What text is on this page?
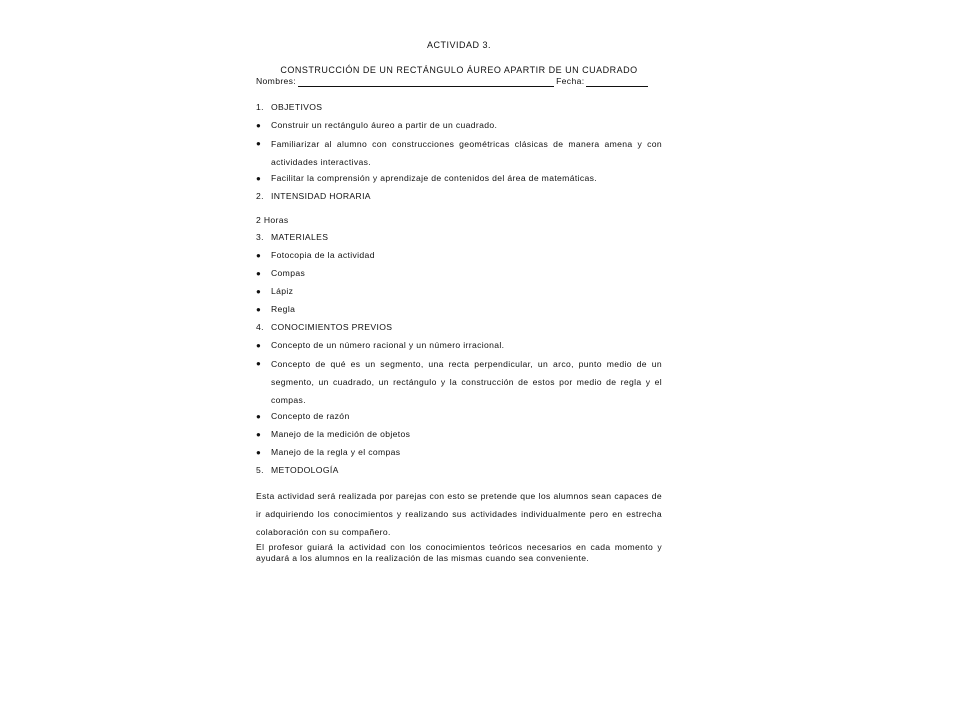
ACTIVIDAD 3.
CONSTRUCCIÓN DE UN RECTÁNGULO ÁUREO APARTIR DE UN CUADRADO
Nombres:	Fecha:
1. OBJETIVOS
●	Construir un rectángulo áureo a partir de un cuadrado.
●	Familiarizar al alumno con construcciones geométricas clásicas de manera amena y con actividades interactivas.
●	Facilitar la comprensión y aprendizaje de contenidos del área de matemáticas.
2. INTENSIDAD HORARIA
2 Horas
3. MATERIALES
●	Fotocopia de la actividad
●	Compas
●	Lápiz
●	Regla
4. CONOCIMIENTOS PREVIOS
●	Concepto de un número racional y un número irracional.
●	Concepto de qué es un segmento, una recta perpendicular, un arco, punto medio de un segmento, un cuadrado, un rectángulo y la construcción de estos por medio de regla y el compas.
●	Concepto de razón
●	Manejo de la medición de objetos
●	Manejo de la regla y el compas
5. METODOLOGÍA
Esta actividad será realizada por parejas con esto se pretende que los alumnos sean capaces de ir adquiriendo los conocimientos y realizando sus actividades individualmente pero en estrecha colaboración con su compañero.
El profesor guiará la actividad con los conocimientos teóricos necesarios en cada momento y ayudará a los alumnos en la realización de las mismas cuando sea conveniente.
